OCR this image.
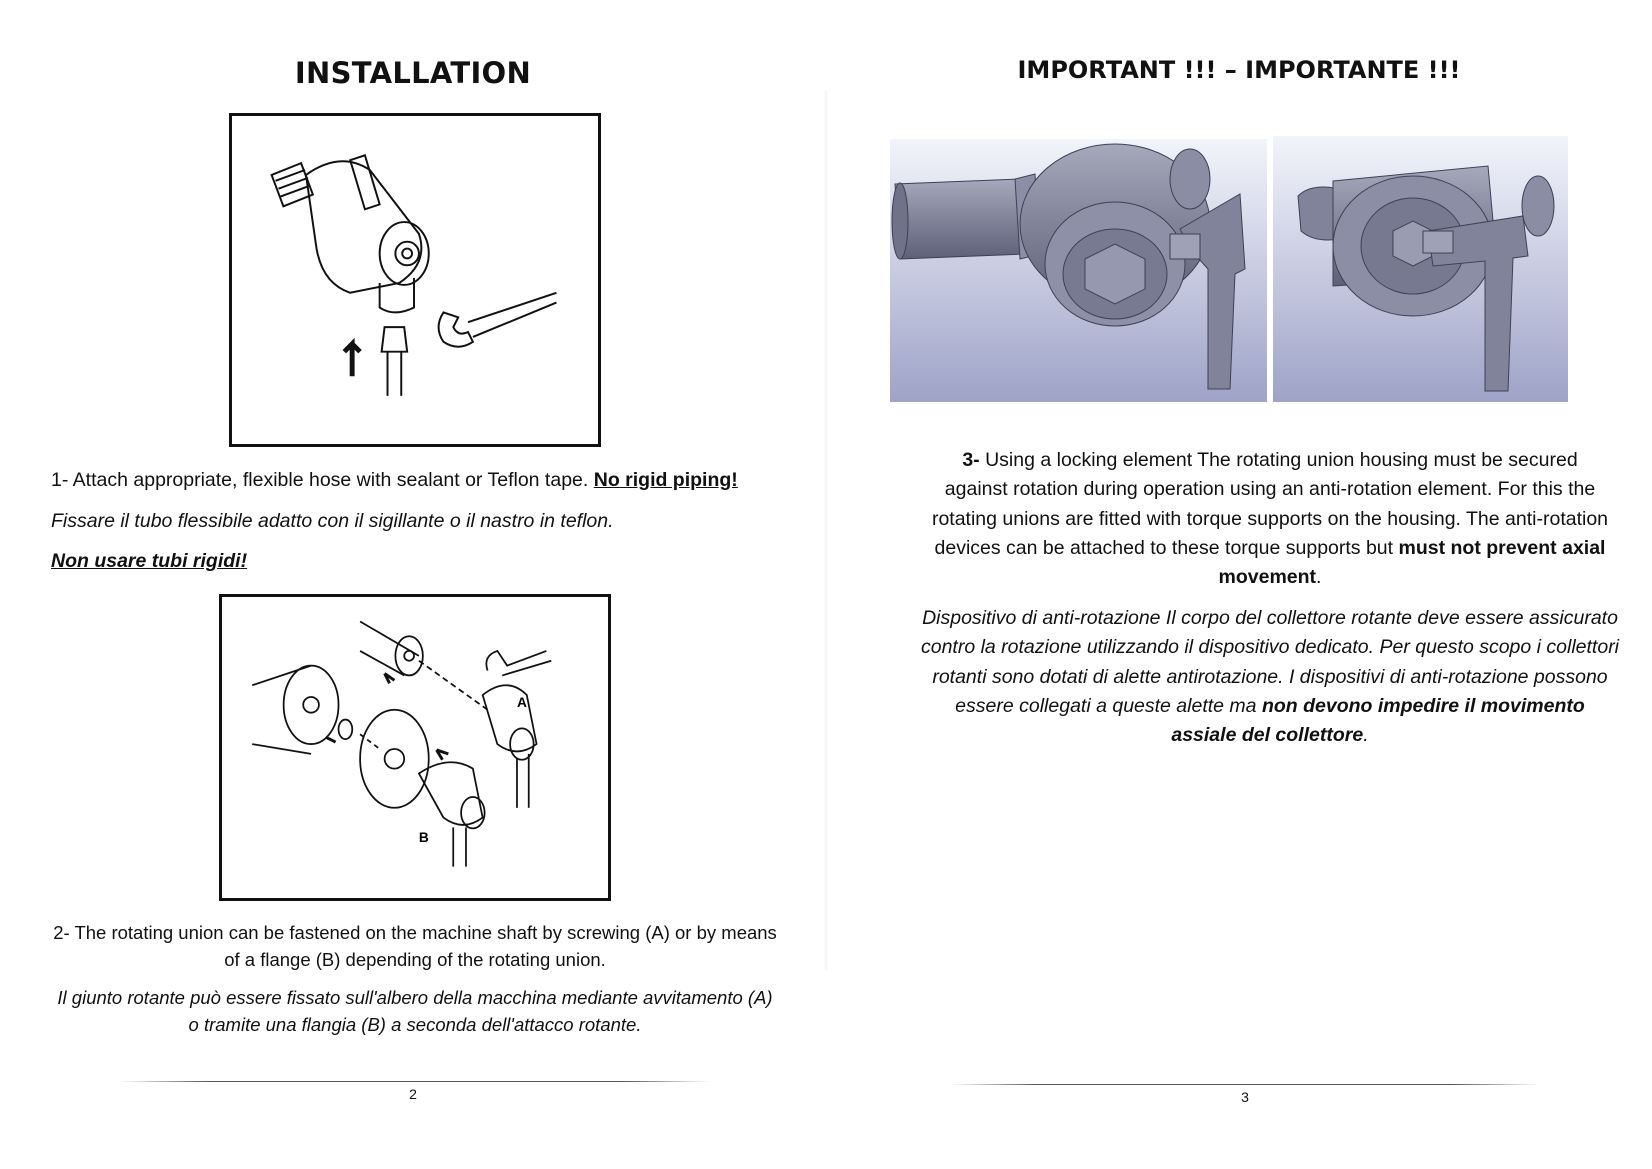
INSTALLATION

1- Attach appropriate, flexible hose with sealant or Teflon tape. No rigid piping!

Fissare il tubo flessibile adatto con il sigillante o il nastro in teflon.

Non usare tubi rigidi!

A
B

2- The rotating union can be fastened on the machine shaft by screwing (A) or by means of a flange (B) depending of the rotating union.

Il giunto rotante può essere fissato sull'albero della macchina mediante avvitamento (A) o tramite una flangia (B) a seconda dell'attacco rotante.

2
IMPORTANT !!! – IMPORTANTE !!!

3- Using a locking element The rotating union housing must be secured against rotation during operation using an anti-rotation element. For this the rotating unions are fitted with torque supports on the housing. The anti-rotation devices can be attached to these torque supports but must not prevent axial movement.

Dispositivo di anti-rotazione Il corpo del collettore rotante deve essere assicurato contro la rotazione utilizzando il dispositivo dedicato. Per questo scopo i collettori rotanti sono dotati di alette antirotazione. I dispositivi di anti-rotazione possono essere collegati a queste alette ma non devono impedire il movimento assiale del collettore.

3
